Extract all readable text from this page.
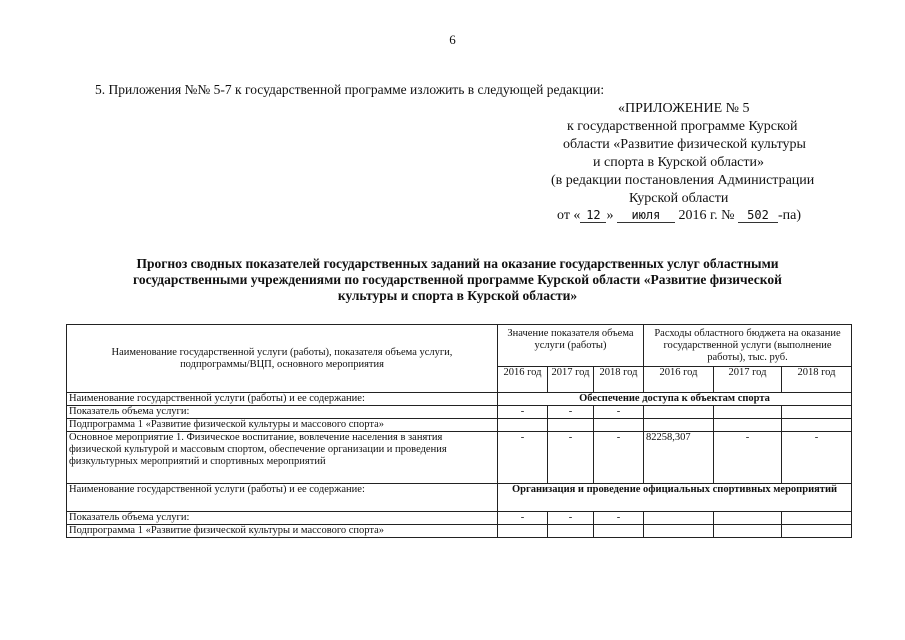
6
5. Приложения №№ 5-7 к государственной программе изложить в следующей редакции:
«ПРИЛОЖЕНИЕ № 5
к государственной программе Курской
области «Развитие физической культуры
и спорта в Курской области»
(в редакции постановления Администрации
Курской области
от « 12 » июля 2016 г. № 502 -па)
Прогноз сводных показателей государственных заданий на оказание государственных услуг областными
государственными учреждениями по государственной программе Курской области «Развитие физической
культуры и спорта в Курской области»
Наименование государственной услуги (работы), показателя объема услуги, подпрограммы/ВЦП, основного мероприятия	Значение показателя объема услуги (работы)			Расходы областного бюджета на оказание государственной услуги (выполнение работы), тыс. руб.		
	2016 год	2017 год	2018 год	2016 год	2017 год	2018 год
Наименование государственной услуги (работы) и ее содержание:	Обеспечение доступа к объектам спорта					
Показатель объема услуги:	-	-	-			
Подпрограмма 1 «Развитие физической культуры и массового спорта»						
Основное мероприятие 1. Физическое воспитание, вовлечение населения в занятия физической культурой и массовым спортом, обеспечение организации и проведения физкультурных мероприятий и спортивных мероприятий	-	-	-	82258,307	-	-
Наименование государственной услуги (работы) и ее содержание:	Организация и проведение официальных спортивных мероприятий					
Показатель объема услуги:	-	-	-			
Подпрограмма 1 «Развитие физической культуры и массового спорта»						
